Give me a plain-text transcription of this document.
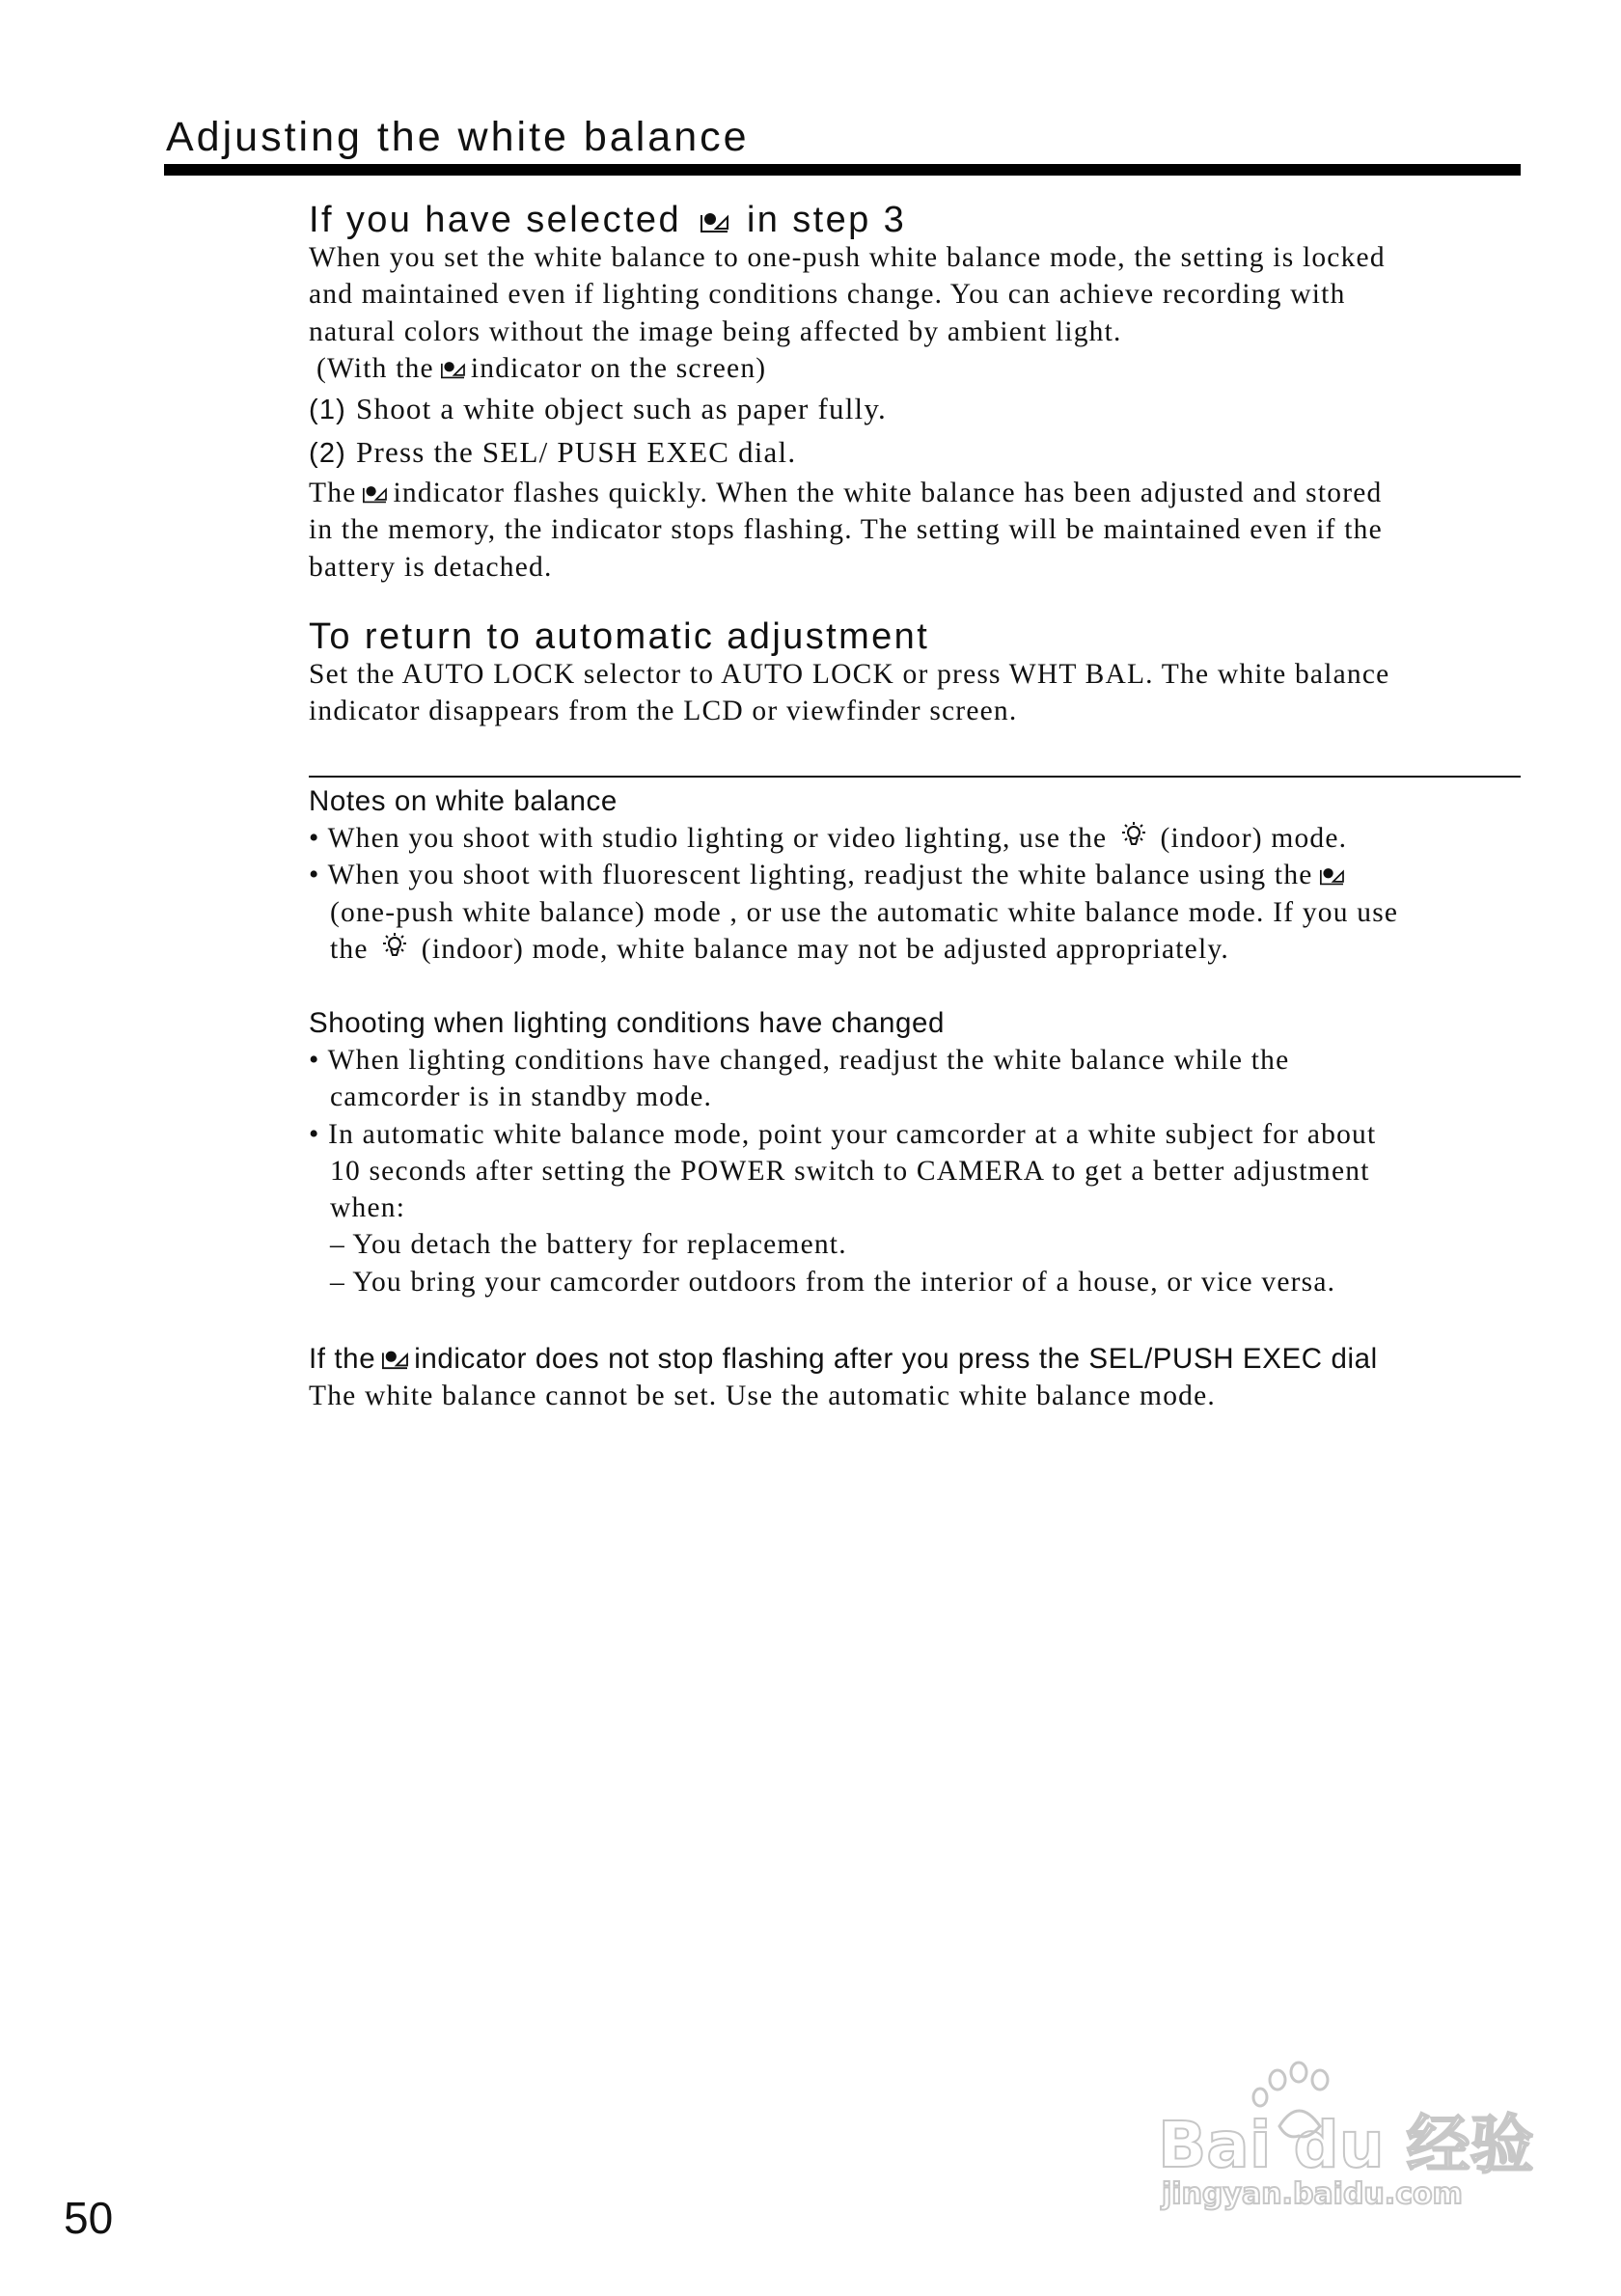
Adjusting the white balance
If you have selected in step 3
When you set the white balance to one-push white balance mode, the setting is locked
and maintained even if lighting conditions change. You can achieve recording with
natural colors without the image being affected by ambient light.
(With the indicator on the screen)
(1) Shoot a white object such as paper fully.
(2) Press the SEL/ PUSH EXEC dial.
The indicator flashes quickly. When the white balance has been adjusted and stored
in the memory, the indicator stops flashing. The setting will be maintained even if the
battery is detached.
To return to automatic adjustment
Set the AUTO LOCK selector to AUTO LOCK or press WHT BAL. The white balance
indicator disappears from the LCD or viewfinder screen.
Notes on white balance
• When you shoot with studio lighting or video lighting, use the (indoor) mode.
• When you shoot with fluorescent lighting, readjust the white balance using the
(one-push white balance) mode , or use the automatic white balance mode. If you use
the (indoor) mode, white balance may not be adjusted appropriately.
Shooting when lighting conditions have changed
• When lighting conditions have changed, readjust the white balance while the
camcorder is in standby mode.
• In automatic white balance mode, point your camcorder at a white subject for about
10 seconds after setting the POWER switch to CAMERA to get a better adjustment
when:
– You detach the battery for replacement.
– You bring your camcorder outdoors from the interior of a house, or vice versa.
If the indicator does not stop flashing after you press the SEL/PUSH EXEC dial
The white balance cannot be set. Use the automatic white balance mode.
50
Bai du 经验
jingyan.baidu.com
